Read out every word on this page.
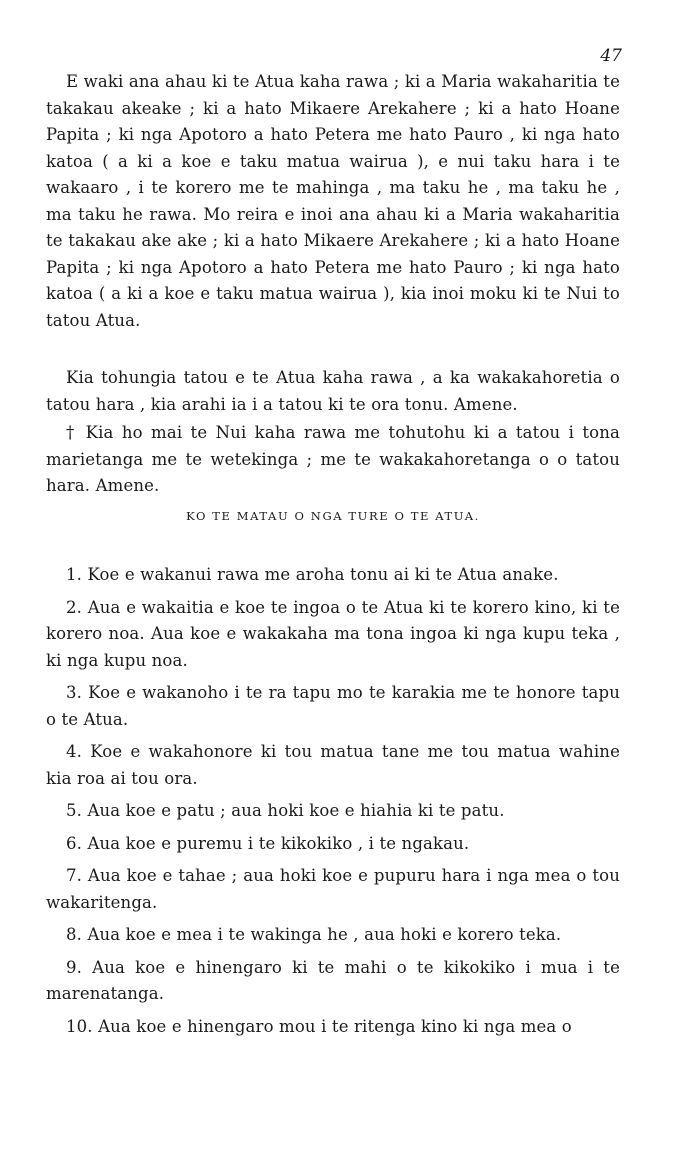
47

E waki ana ahau ki te Atua kaha rawa ; ki a Maria wakaharitia te takakau akeake ; ki a hato Mikaere Arekahere ; ki a hato Hoane Papita ; ki nga Apotoro a hato Petera me hato Pauro , ki nga hato katoa ( a ki a koe e taku matua wairua ), e nui taku hara i te wakaaro , i te korero me te mahinga , ma taku he , ma taku he , ma taku he rawa. Mo reira e inoi ana ahau ki a Maria wakaharitia te takakau ake ake ; ki a hato Mikaere Arekahere ; ki a hato Hoane Papita ; ki nga Apotoro a hato Petera me hato Pauro ; ki nga hato katoa ( a ki a koe e taku matua wairua ), kia inoi moku ki te Nui to tatou Atua.

Kia tohungia tatou e te Atua kaha rawa , a ka wakakahoretia o tatou hara , kia arahi ia i a tatou ki te ora tonu. Amene.

† Kia ho mai te Nui kaha rawa me tohutohu ki a tatou i tona marietanga me te wetekinga ; me te wakakahoretanga o o tatou hara. Amene.

KO TE MATAU O NGA TURE O TE ATUA.

1. Koe e wakanui rawa me aroha tonu ai ki te Atua anake.

2. Aua e wakaitia e koe te ingoa o te Atua ki te korero kino, ki te korero noa. Aua koe e wakakaha ma tona ingoa ki nga kupu teka , ki nga kupu noa.

3. Koe e wakanoho i te ra tapu mo te karakia me te honore tapu o te Atua.

4. Koe e wakahonore ki tou matua tane me tou matua wahine kia roa ai tou ora.

5. Aua koe e patu ; aua hoki koe e hiahia ki te patu.

6. Aua koe e puremu i te kikokiko , i te ngakau.

7. Aua koe e tahae ; aua hoki koe e pupuru hara i nga mea o tou wakaritenga.

8. Aua koe e mea i te wakinga he , aua hoki e korero teka.

9. Aua koe e hinengaro ki te mahi o te kikokiko i mua i te marenatanga.

10. Aua koe e hinengaro mou i te ritenga kino ki nga mea o
